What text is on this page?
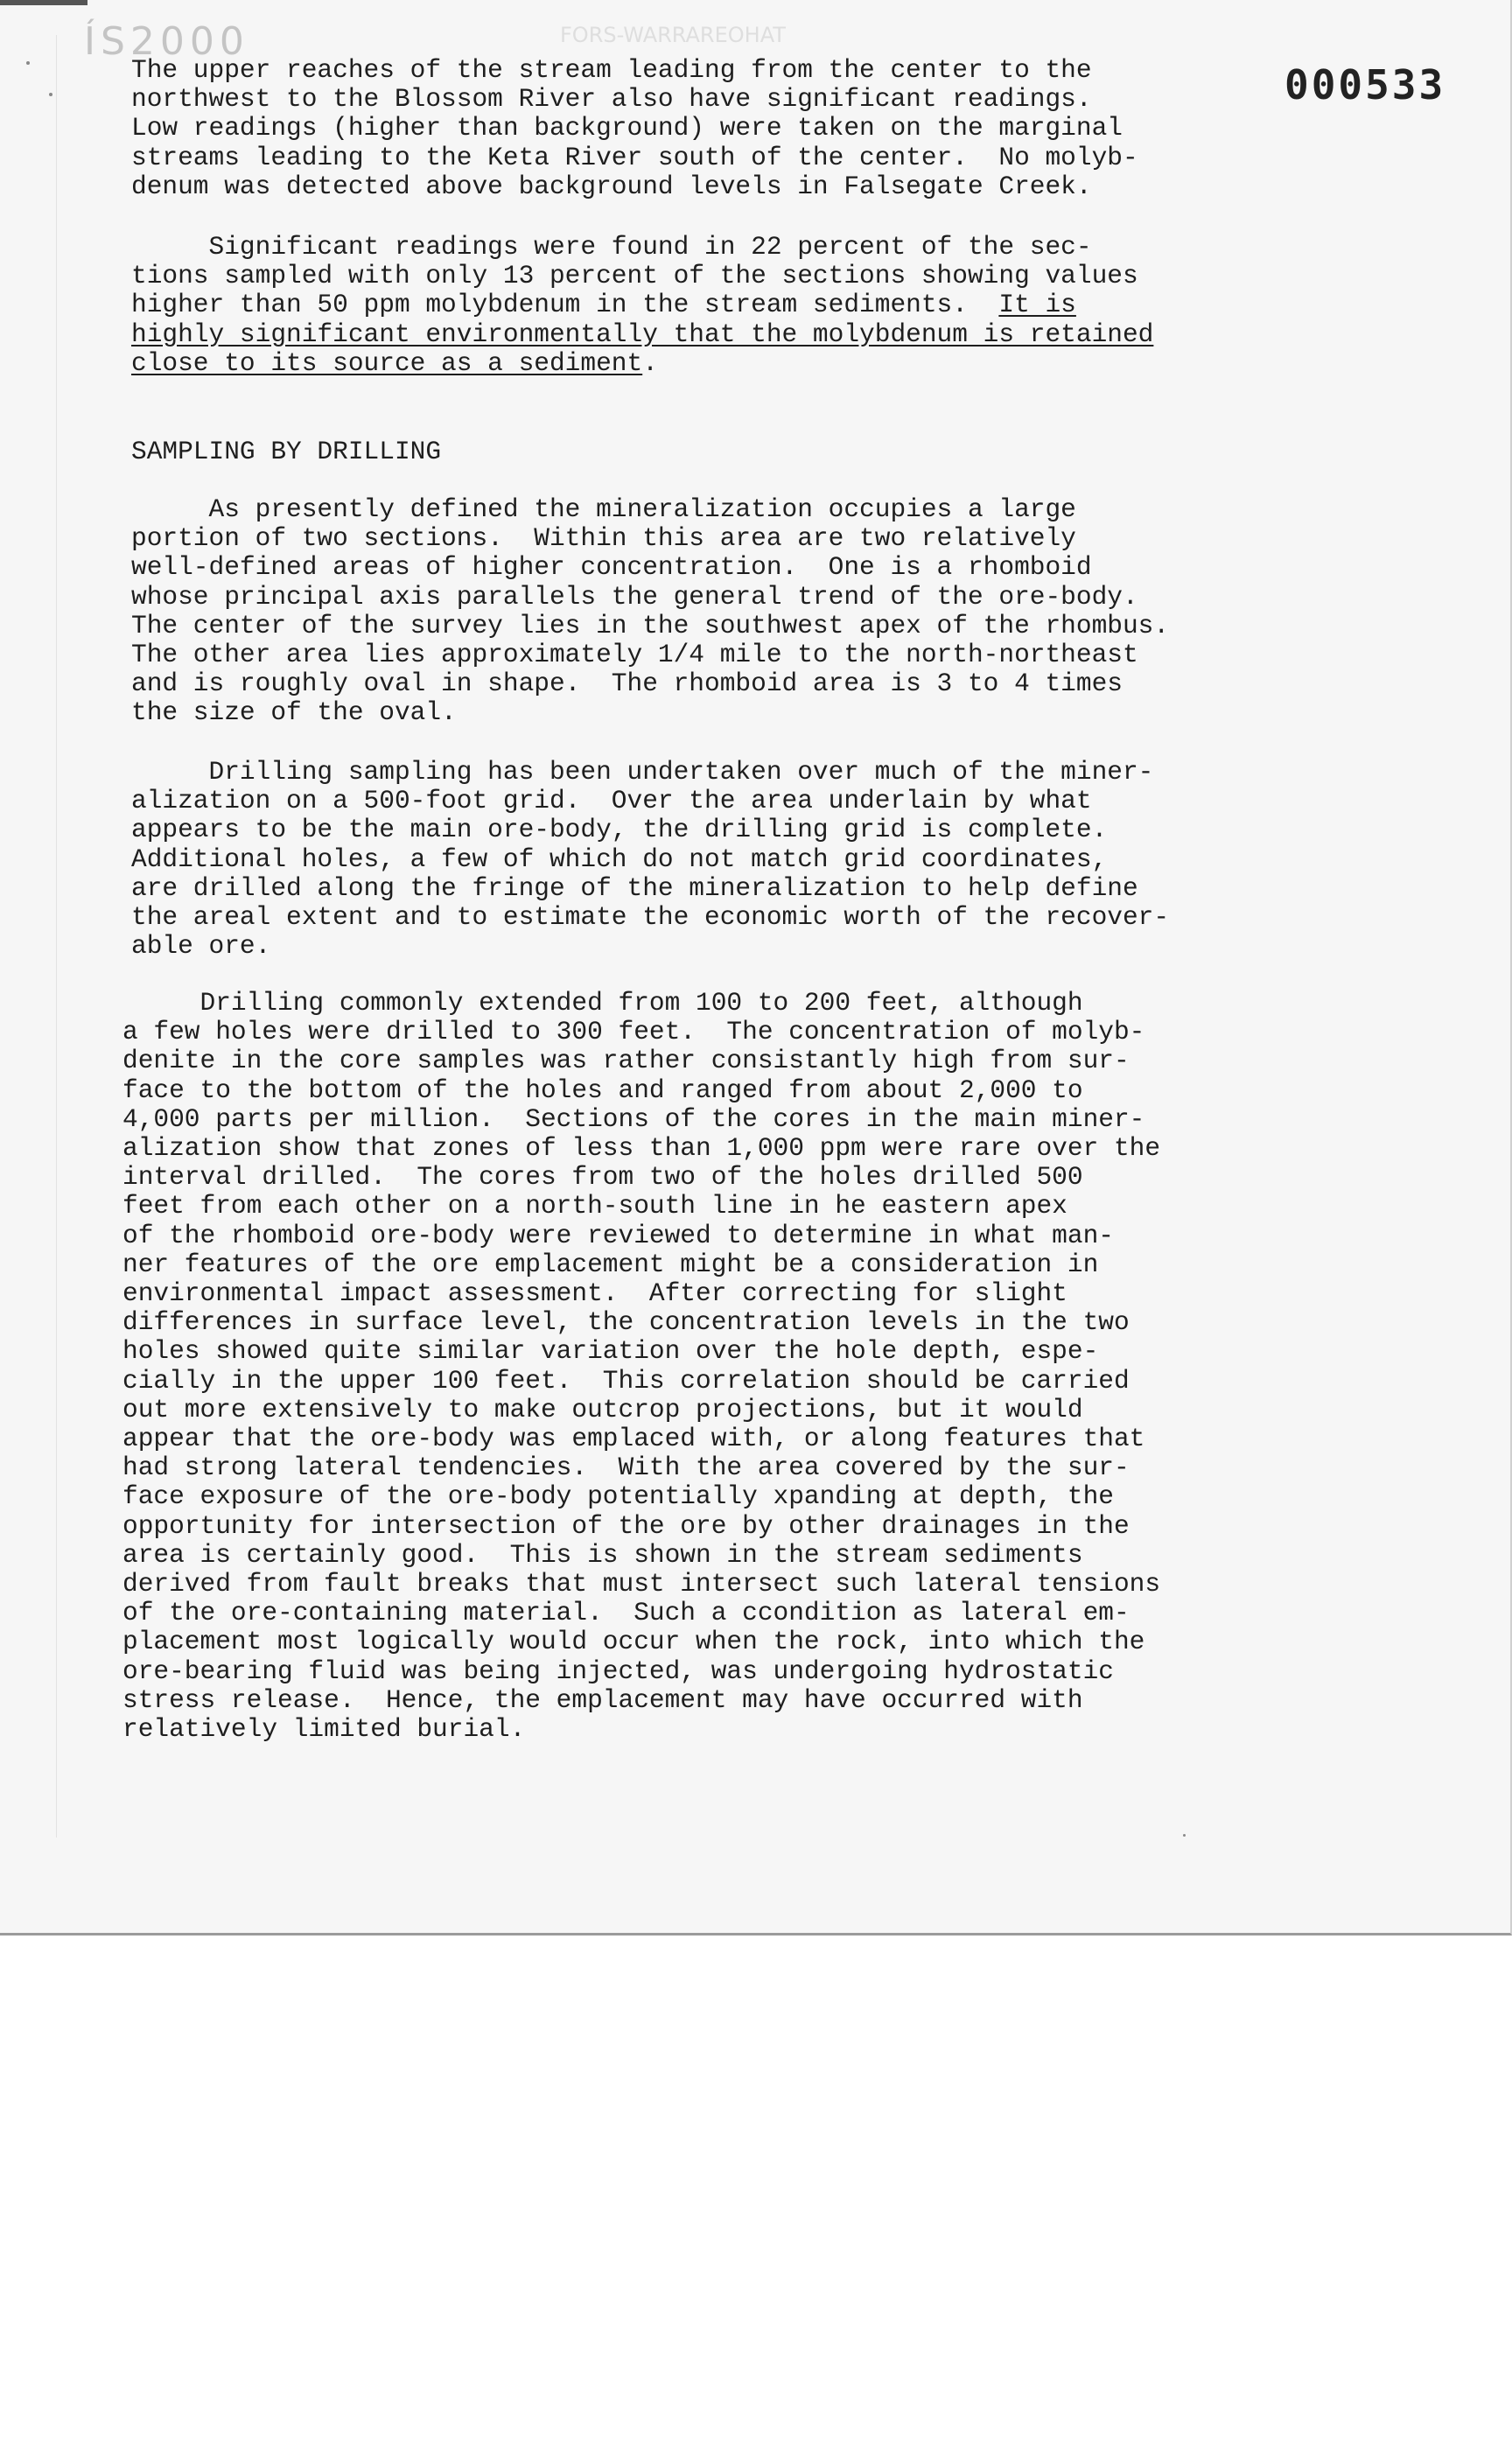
ÍS2000	FORS-WARRAREOHAT
000533
The upper reaches of the stream leading from the center to the
northwest to the Blossom River also have significant readings.
Low readings (higher than background) were taken on the marginal
streams leading to the Keta River south of the center.  No molyb-
denum was detected above background levels in Falsegate Creek.
Significant readings were found in 22 percent of the sec-
tions sampled with only 13 percent of the sections showing values
higher than 50 ppm molybdenum in the stream sediments.  It is
highly significant environmentally that the molybdenum is retained
close to its source as a sediment.
SAMPLING BY DRILLING
As presently defined the mineralization occupies a large
portion of two sections.  Within this area are two relatively
well-defined areas of higher concentration.  One is a rhomboid
whose principal axis parallels the general trend of the ore-body.
The center of the survey lies in the southwest apex of the rhombus.
The other area lies approximately 1/4 mile to the north-northeast
and is roughly oval in shape.  The rhomboid area is 3 to 4 times
the size of the oval.
Drilling sampling has been undertaken over much of the miner-
alization on a 500-foot grid.  Over the area underlain by what
appears to be the main ore-body, the drilling grid is complete.
Additional holes, a few of which do not match grid coordinates,
are drilled along the fringe of the mineralization to help define
the areal extent and to estimate the economic worth of the recover-
able ore.
Drilling commonly extended from 100 to 200 feet, although
a few holes were drilled to 300 feet.  The concentration of molyb-
denite in the core samples was rather consistantly high from sur-
face to the bottom of the holes and ranged from about 2,000 to
4,000 parts per million.  Sections of the cores in the main miner-
alization show that zones of less than 1,000 ppm were rare over the
interval drilled.  The cores from two of the holes drilled 500
feet from each other on a north-south line in he eastern apex
of the rhomboid ore-body were reviewed to determine in what man-
ner features of the ore emplacement might be a consideration in
environmental impact assessment.  After correcting for slight
differences in surface level, the concentration levels in the two
holes showed quite similar variation over the hole depth, espe-
cially in the upper 100 feet.  This correlation should be carried
out more extensively to make outcrop projections, but it would
appear that the ore-body was emplaced with, or along features that
had strong lateral tendencies.  With the area covered by the sur-
face exposure of the ore-body potentially xpanding at depth, the
opportunity for intersection of the ore by other drainages in the
area is certainly good.  This is shown in the stream sediments
derived from fault breaks that must intersect such lateral tensions
of the ore-containing material.  Such a ccondition as lateral em-
placement most logically would occur when the rock, into which the
ore-bearing fluid was being injected, was undergoing hydrostatic
stress release.  Hence, the emplacement may have occurred with
relatively limited burial.
